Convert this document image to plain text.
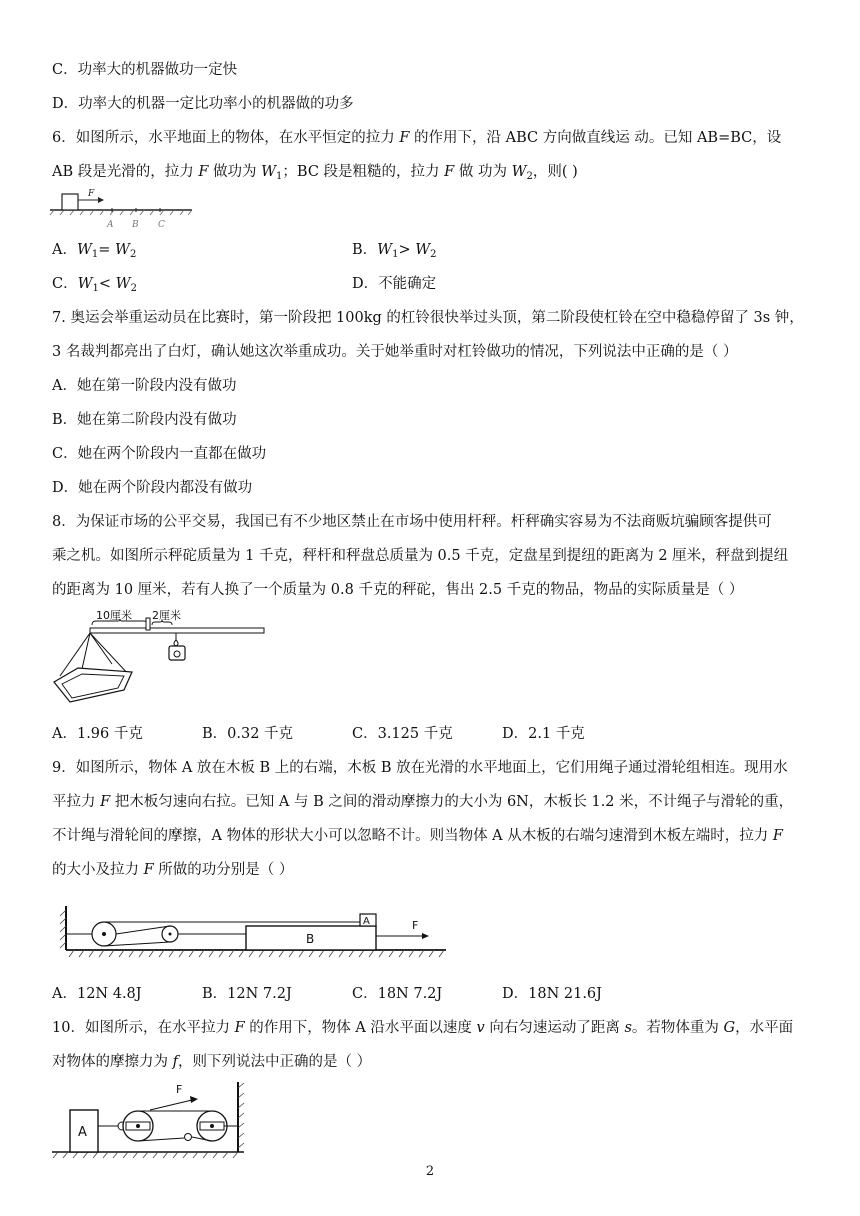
C．功率大的机器做功一定快
D．功率大的机器一定比功率小的机器做的功多
6．如图所示，水平地面上的物体，在水平恒定的拉力 F 的作用下，沿 ABC 方向做直线运 动。已知 AB=BC，设
AB 段是光滑的，拉力 F 做功为 $W_1$；BC 段是粗糙的，拉力 F 做 功为 $W_2$，则( )
F
A B C
A．$W_1= W_2$	B．$W_1> W_2$
C．$W_1< W_2$	D．不能确定
7. 奥运会举重运动员在比赛时，第一阶段把 100kg 的杠铃很快举过头顶，第二阶段使杠铃在空中稳稳停留了 3s 钟，
3 名裁判都亮出了白灯，确认她这次举重成功。关于她举重时对杠铃做功的情况，下列说法中正确的是（ ）
A．她在第一阶段内没有做功
B．她在第二阶段内没有做功
C．她在两个阶段内一直都在做功
D．她在两个阶段内都没有做功
8．为保证市场的公平交易，我国已有不少地区禁止在市场中使用杆秤。杆秤确实容易为不法商贩坑骗顾客提供可
乘之机。如图所示秤砣质量为 1 千克，秤杆和秤盘总质量为 0.5 千克，定盘星到提纽的距离为 2 厘米，秤盘到提纽
的距离为 10 厘米，若有人换了一个质量为 0.8 千克的秤砣，售出 2.5 千克的物品，物品的实际质量是（ ）
10厘米 2厘米
A．1.96 千克	B．0.32 千克	C．3.125 千克	D．2.1 千克
9．如图所示，物体 A 放在木板 B 上的右端，木板 B 放在光滑的水平地面上，它们用绳子通过滑轮组相连。现用水
平拉力 F 把木板匀速向右拉。已知 A 与 B 之间的滑动摩擦力的大小为 6N，木板长 1.2 米，不计绳子与滑轮的重，
不计绳与滑轮间的摩擦，A 物体的形状大小可以忽略不计。则当物体 A 从木板的右端匀速滑到木板左端时，拉力 F
的大小及拉力 F 所做的功分别是（ ）
B
A	F
A．12N 4.8J	B．12N 7.2J	C．18N 7.2J	D．18N 21.6J
10．如图所示，在水平拉力 F 的作用下，物体 A 沿水平面以速度 v 向右匀速运动了距离 s。若物体重为 G，水平面
对物体的摩擦力为 f，则下列说法中正确的是（ ）
A
F
2
